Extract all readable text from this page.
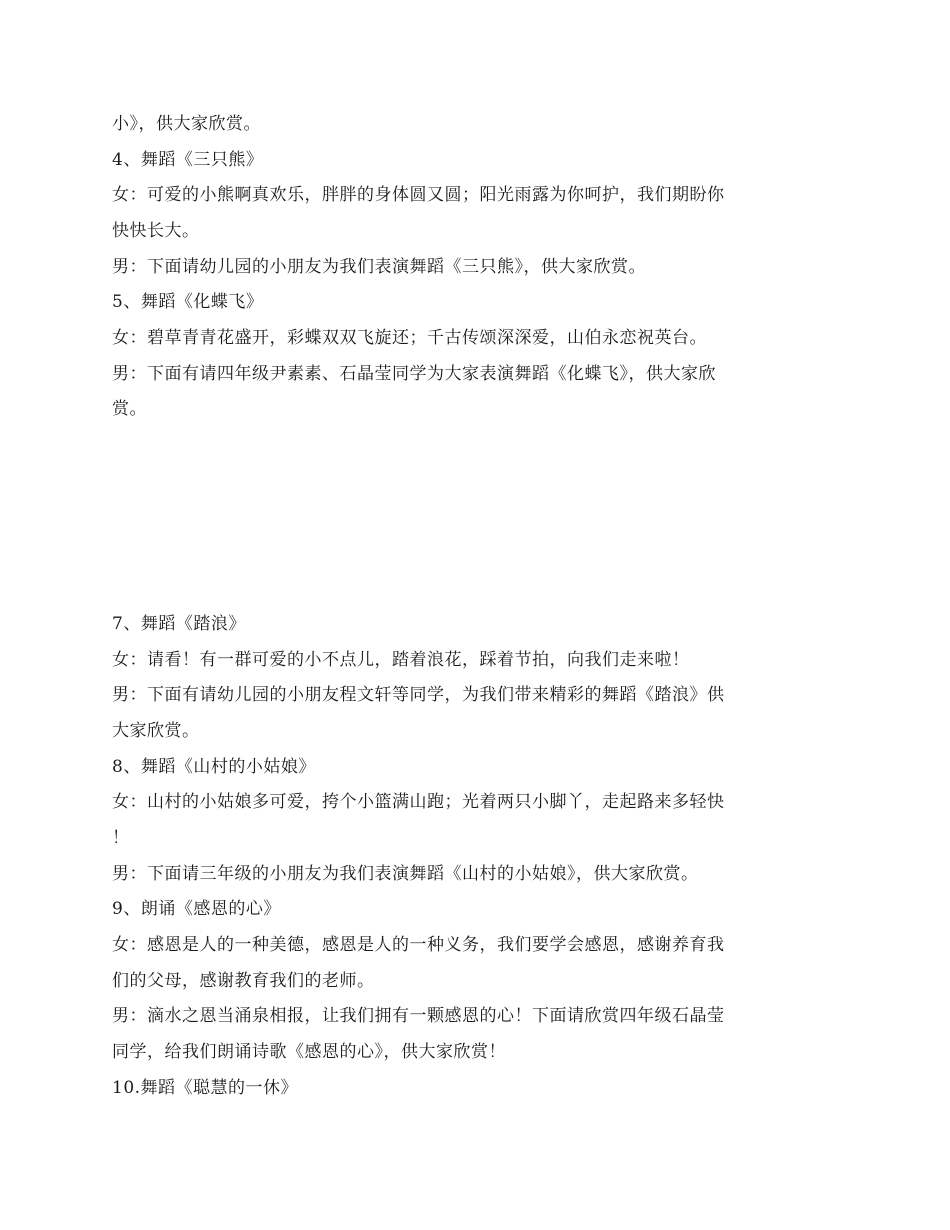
小》，供大家欣赏。
4、舞蹈《三只熊》
女：可爱的小熊啊真欢乐，胖胖的身体圆又圆；阳光雨露为你呵护，我们期盼你
快快长大。
男：下面请幼儿园的小朋友为我们表演舞蹈《三只熊》，供大家欣赏。
5、舞蹈《化蝶飞》
女：碧草青青花盛开，彩蝶双双飞旋还；千古传颂深深爱，山伯永恋祝英台。
男：下面有请四年级尹素素、石晶莹同学为大家表演舞蹈《化蝶飞》，供大家欣
赏。
7、舞蹈《踏浪》
女：请看！有一群可爱的小不点儿，踏着浪花，踩着节拍，向我们走来啦！
男：下面有请幼儿园的小朋友程文轩等同学，为我们带来精彩的舞蹈《踏浪》供
大家欣赏。
8、舞蹈《山村的小姑娘》
女：山村的小姑娘多可爱，挎个小篮满山跑；光着两只小脚丫，走起路来多轻快
！
男：下面请三年级的小朋友为我们表演舞蹈《山村的小姑娘》，供大家欣赏。
9、朗诵《感恩的心》
女：感恩是人的一种美德，感恩是人的一种义务，我们要学会感恩，感谢养育我
们的父母，感谢教育我们的老师。
男：滴水之恩当涌泉相报，让我们拥有一颗感恩的心！下面请欣赏四年级石晶莹
同学，给我们朗诵诗歌《感恩的心》，供大家欣赏！
10.舞蹈《聪慧的一休》
